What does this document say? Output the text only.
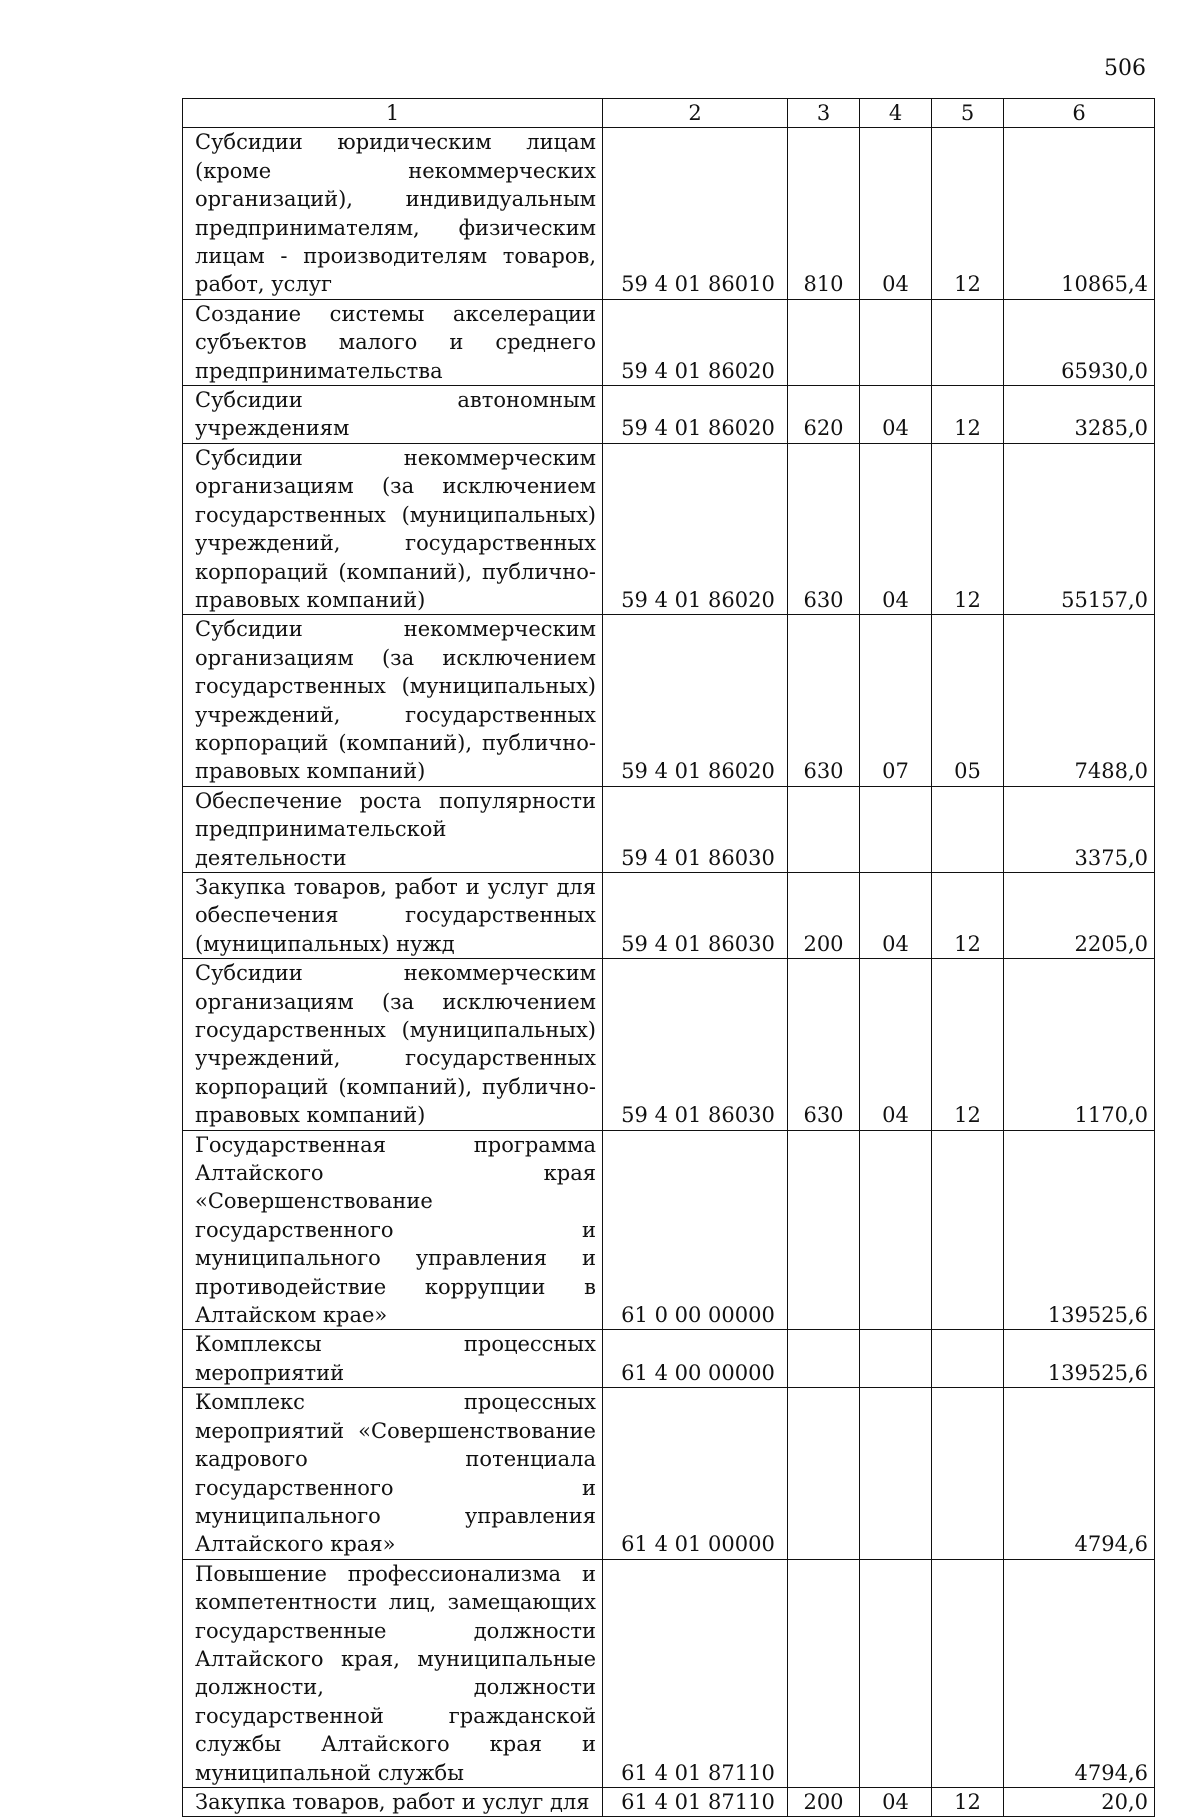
506
1	2	3	4	5	6
Субсидии юридическим лицам (кроме некоммерческих организаций), индивидуальным предпринимателям, физическим лицам - производителям товаров, работ, услуг	59 4 01 86010	810	04	12	10865,4
Создание системы акселерации субъектов малого и среднего предпринимательства	59 4 01 86020				65930,0
Субсидии автономным учреждениям	59 4 01 86020	620	04	12	3285,0
Субсидии некоммерческим организациям (за исключением государственных (муниципальных) учреждений, государственных корпораций (компаний), публично-правовых компаний)	59 4 01 86020	630	04	12	55157,0
Субсидии некоммерческим организациям (за исключением государственных (муниципальных) учреждений, государственных корпораций (компаний), публично-правовых компаний)	59 4 01 86020	630	07	05	7488,0
Обеспечение роста популярности предпринимательской деятельности	59 4 01 86030				3375,0
Закупка товаров, работ и услуг для обеспечения государственных (муниципальных) нужд	59 4 01 86030	200	04	12	2205,0
Субсидии некоммерческим организациям (за исключением государственных (муниципальных) учреждений, государственных корпораций (компаний), публично-правовых компаний)	59 4 01 86030	630	04	12	1170,0
Государственная программа Алтайского края «Совершенствование государственного и муниципального управления и противодействие коррупции в Алтайском крае»	61 0 00 00000				139525,6
Комплексы процессных мероприятий	61 4 00 00000				139525,6
Комплекс процессных мероприятий «Совершенствование кадрового потенциала государственного и муниципального управления Алтайского края»	61 4 01 00000				4794,6
Повышение профессионализма и компетентности лиц, замещающих государственные должности Алтайского края, муниципальные должности, должности государственной гражданской службы Алтайского края и муниципальной службы	61 4 01 87110				4794,6
Закупка товаров, работ и услуг для	61 4 01 87110	200	04	12	20,0
